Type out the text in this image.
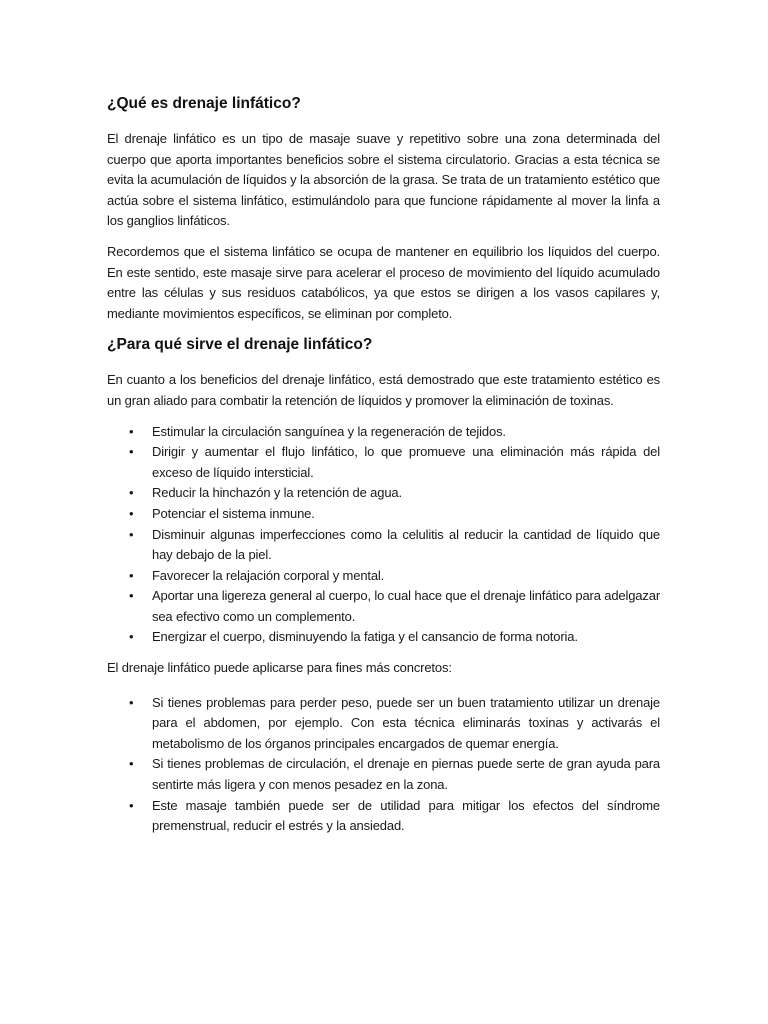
¿Qué es drenaje linfático?

El drenaje linfático es un tipo de masaje suave y repetitivo sobre una zona determinada del cuerpo que aporta importantes beneficios sobre el sistema circulatorio. Gracias a esta técnica se evita la acumulación de líquidos y la absorción de la grasa. Se trata de un tratamiento estético que actúa sobre el sistema linfático, estimulándolo para que funcione rápidamente al mover la linfa a los ganglios linfáticos.

Recordemos que el sistema linfático se ocupa de mantener en equilibrio los líquidos del cuerpo. En este sentido, este masaje sirve para acelerar el proceso de movimiento del líquido acumulado entre las células y sus residuos catabólicos, ya que estos se dirigen a los vasos capilares y, mediante movimientos específicos, se eliminan por completo.

¿Para qué sirve el drenaje linfático?

En cuanto a los beneficios del drenaje linfático, está demostrado que este tratamiento estético es un gran aliado para combatir la retención de líquidos y promover la eliminación de toxinas.

• Estimular la circulación sanguínea y la regeneración de tejidos.
• Dirigir y aumentar el flujo linfático, lo que promueve una eliminación más rápida del exceso de líquido intersticial.
• Reducir la hinchazón y la retención de agua.
• Potenciar el sistema inmune.
• Disminuir algunas imperfecciones como la celulitis al reducir la cantidad de líquido que hay debajo de la piel.
• Favorecer la relajación corporal y mental.
• Aportar una ligereza general al cuerpo, lo cual hace que el drenaje linfático para adelgazar sea efectivo como un complemento.
• Energizar el cuerpo, disminuyendo la fatiga y el cansancio de forma notoria.

El drenaje linfático puede aplicarse para fines más concretos:

• Si tienes problemas para perder peso, puede ser un buen tratamiento utilizar un drenaje para el abdomen, por ejemplo. Con esta técnica eliminarás toxinas y activarás el metabolismo de los órganos principales encargados de quemar energía.
• Si tienes problemas de circulación, el drenaje en piernas puede serte de gran ayuda para sentirte más ligera y con menos pesadez en la zona.
• Este masaje también puede ser de utilidad para mitigar los efectos del síndrome premenstrual, reducir el estrés y la ansiedad.
